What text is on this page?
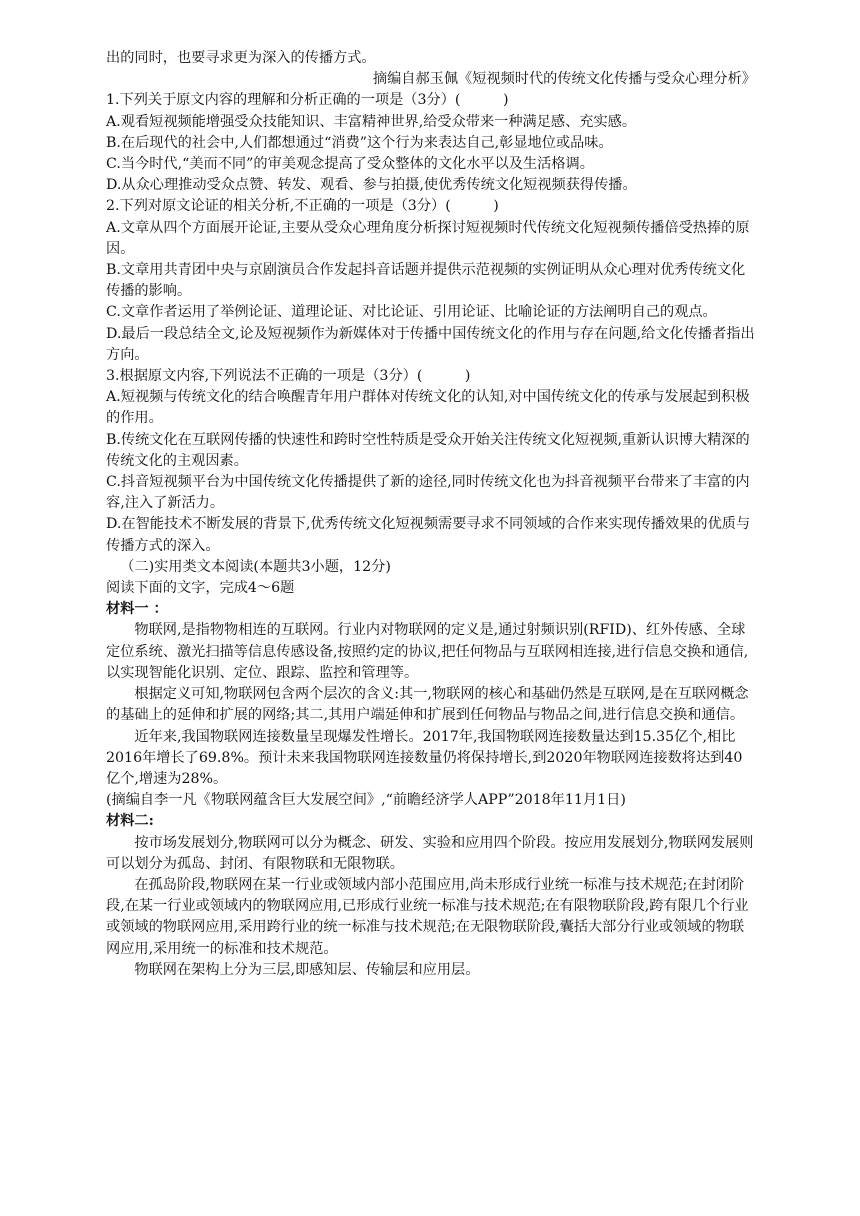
出的同时，也要寻求更为深入的传播方式。

摘编自郝玉佩《短视频时代的传统文化传播与受众心理分析》

1.下列关于原文内容的理解和分析正确的一项是（3分）(　　　)

A.观看短视频能增强受众技能知识、丰富精神世界,给受众带来一种满足感、充实感。

B.在后现代的社会中,人们都想通过“消费”这个行为来表达自己,彰显地位或品味。

C.当今时代,“美而不同”的审美观念提高了受众整体的文化水平以及生活格调。

D.从众心理推动受众点赞、转发、观看、参与拍摄,使优秀传统文化短视频获得传播。

2.下列对原文论证的相关分析,不正确的一项是（3分）(　　　)

A.文章从四个方面展开论证,主要从受众心理角度分析探讨短视频时代传统文化短视频传播倍受热捧的原因。

B.文章用共青团中央与京剧演员合作发起抖音话题并提供示范视频的实例证明从众心理对优秀传统文化传播的影响。

C.文章作者运用了举例论证、道理论证、对比论证、引用论证、比喻论证的方法阐明自己的观点。

D.最后一段总结全文,论及短视频作为新媒体对于传播中国传统文化的作用与存在问题,给文化传播者指出方向。

3.根据原文内容,下列说法不正确的一项是（3分）(　　　)

A.短视频与传统文化的结合唤醒青年用户群体对传统文化的认知,对中国传统文化的传承与发展起到积极的作用。

B.传统文化在互联网传播的快速性和跨时空性特质是受众开始关注传统文化短视频,重新认识博大精深的传统文化的主观因素。

C.抖音短视频平台为中国传统文化传播提供了新的途径,同时传统文化也为抖音视频平台带来了丰富的内容,注入了新活力。

D.在智能技术不断发展的背景下,优秀传统文化短视频需要寻求不同领域的合作来实现传播效果的优质与传播方式的深入。

（二)实用类文本阅读(本题共3小题，12分)

阅读下面的文字，完成4～6题

材料一 ：

物联网,是指物物相连的互联网。行业内对物联网的定义是,通过射频识别(RFID)、红外传感、全球定位系统、激光扫描等信息传感设备,按照约定的协议,把任何物品与互联网相连接,进行信息交换和通信,以实现智能化识别、定位、跟踪、监控和管理等。

根据定义可知,物联网包含两个层次的含义:其一,物联网的核心和基础仍然是互联网,是在互联网概念的基础上的延伸和扩展的网络;其二,其用户端延伸和扩展到任何物品与物品之间,进行信息交换和通信。

近年来,我国物联网连接数量呈现爆发性增长。2017年,我国物联网连接数量达到15.35亿个,相比2016年增长了69.8%。预计未来我国物联网连接数量仍将保持增长,到2020年物联网连接数将达到40亿个,增速为28%。

(摘编自李一凡《物联网蕴含巨大发展空间》,“前瞻经济学人APP”2018年11月1日)

材料二:

按市场发展划分,物联网可以分为概念、研发、实验和应用四个阶段。按应用发展划分,物联网发展则可以划分为孤岛、封闭、有限物联和无限物联。

在孤岛阶段,物联网在某一行业或领域内部小范围应用,尚未形成行业统一标准与技术规范;在封闭阶段,在某一行业或领域内的物联网应用,已形成行业统一标准与技术规范;在有限物联阶段,跨有限几个行业或领域的物联网应用,采用跨行业的统一标准与技术规范;在无限物联阶段,囊括大部分行业或领域的物联网应用,采用统一的标准和技术规范。

物联网在架构上分为三层,即感知层、传输层和应用层。
